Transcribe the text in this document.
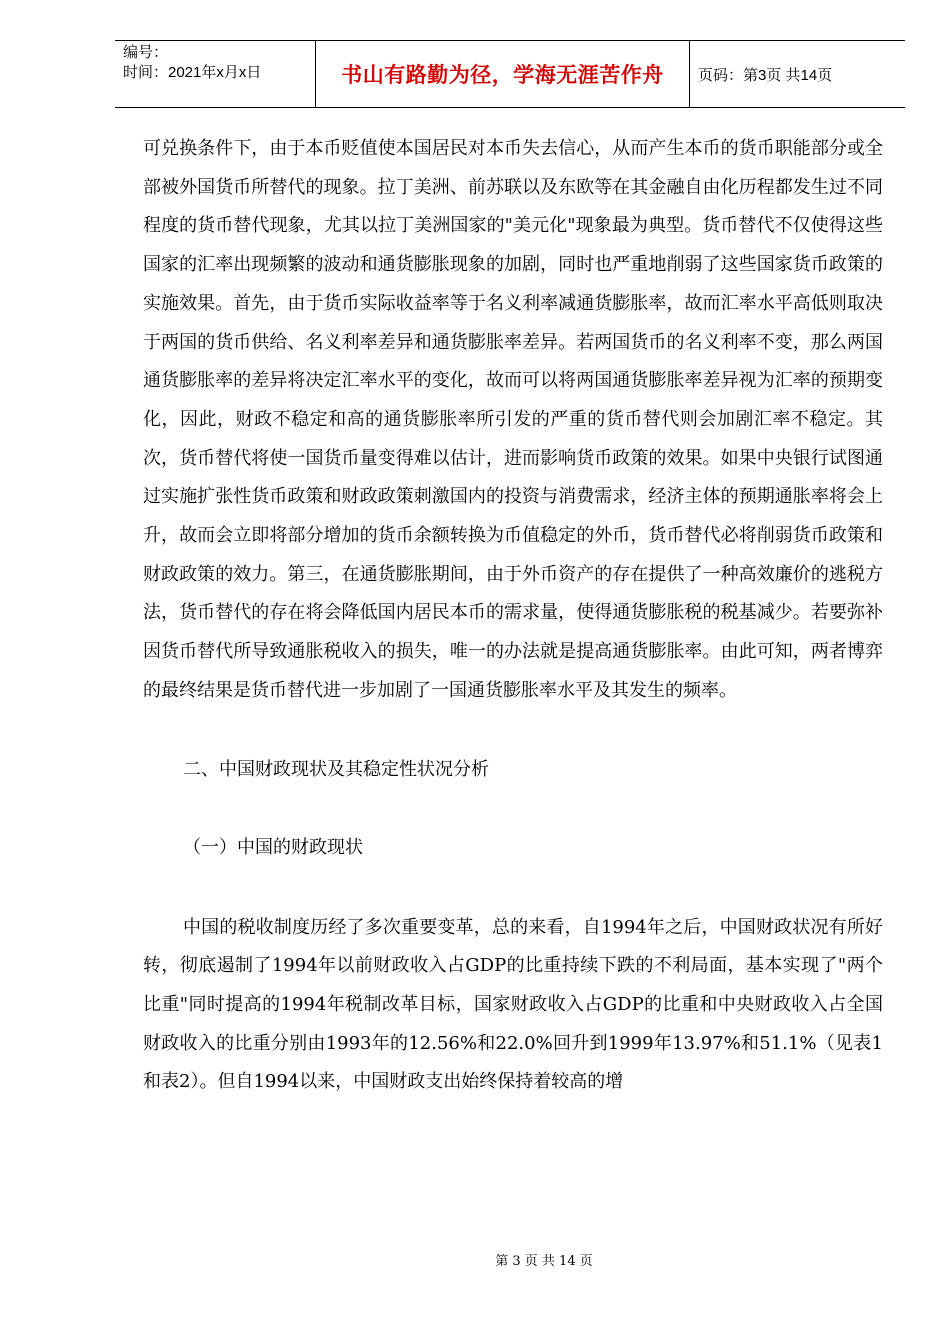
编号：
时间：2021年x月x日	书山有路勤为径，学海无涯苦作舟	页码：第3页 共14页

可兑换条件下，由于本币贬值使本国居民对本币失去信心，从而产生本币的货币职能部分或全部被外国货币所替代的现象。拉丁美洲、前苏联以及东欧等在其金融自由化历程都发生过不同程度的货币替代现象，尤其以拉丁美洲国家的"美元化"现象最为典型。货币替代不仅使得这些国家的汇率出现频繁的波动和通货膨胀现象的加剧，同时也严重地削弱了这些国家货币政策的实施效果。首先，由于货币实际收益率等于名义利率减通货膨胀率，故而汇率水平高低则取决于两国的货币供给、名义利率差异和通货膨胀率差异。若两国货币的名义利率不变，那么两国通货膨胀率的差异将决定汇率水平的变化，故而可以将两国通货膨胀率差异视为汇率的预期变化，因此，财政不稳定和高的通货膨胀率所引发的严重的货币替代则会加剧汇率不稳定。其次，货币替代将使一国货币量变得难以估计，进而影响货币政策的效果。如果中央银行试图通过实施扩张性货币政策和财政政策刺激国内的投资与消费需求，经济主体的预期通胀率将会上升，故而会立即将部分增加的货币余额转换为币值稳定的外币，货币替代必将削弱货币政策和财政政策的效力。第三，在通货膨胀期间，由于外币资产的存在提供了一种高效廉价的逃税方法，货币替代的存在将会降低国内居民本币的需求量，使得通货膨胀税的税基减少。若要弥补因货币替代所导致通胀税收入的损失，唯一的办法就是提高通货膨胀率。由此可知，两者博弈的最终结果是货币替代进一步加剧了一国通货膨胀率水平及其发生的频率。

二、中国财政现状及其稳定性状况分析

（一）中国的财政现状

中国的税收制度历经了多次重要变革，总的来看，自1994年之后，中国财政状况有所好转，彻底遏制了1994年以前财政收入占GDP的比重持续下跌的不利局面，基本实现了"两个比重"同时提高的1994年税制改革目标，国家财政收入占GDP的比重和中央财政收入占全国财政收入的比重分别由1993年的12.56%和22.0%回升到1999年13.97%和51.1%（见表1和表2）。但自1994以来，中国财政支出始终保持着较高的增

第 3 页 共 14 页
